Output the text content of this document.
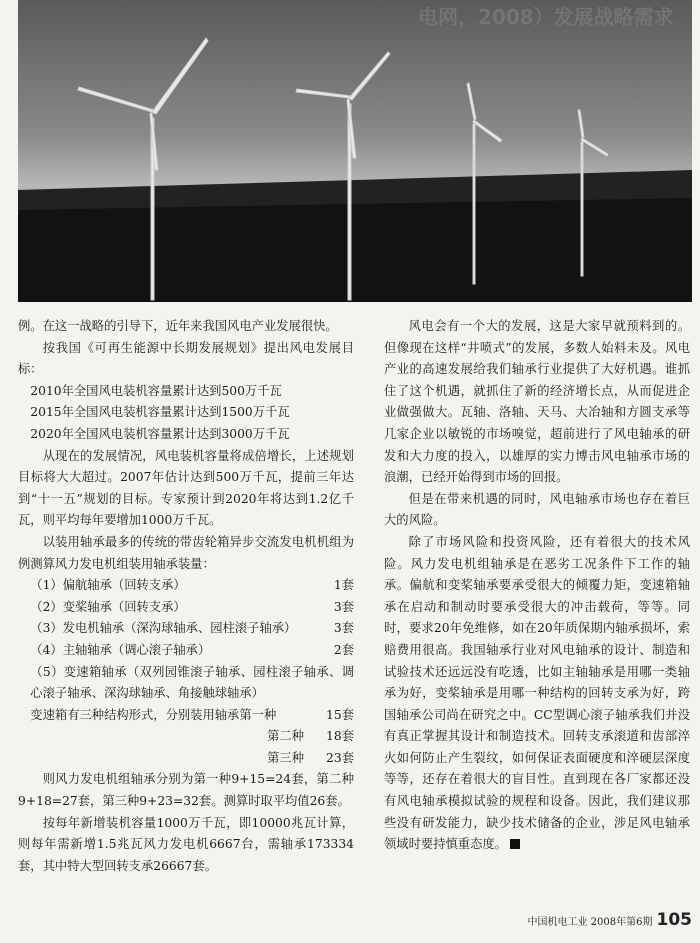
电网，2008）发展战略需求

例。在这一战略的引导下，近年来我国风电产业发展很快。

按我国《可再生能源中长期发展规划》提出风电发展目标：

2010年全国风电装机容量累计达到500万千瓦

2015年全国风电装机容量累计达到1500万千瓦

2020年全国风电装机容量累计达到3000万千瓦

从现在的发展情况，风电装机容量将成倍增长，上述规划目标将大大超过。2007年估计达到500万千瓦，提前三年达到“十一五”规划的目标。专家预计到2020年将达到1.2亿千瓦，则平均每年要增加1000万千瓦。

以装用轴承最多的传统的带齿轮箱异步交流发电机机组为例测算风力发电机组装用轴承装量：

（1）偏航轴承（回转支承）	1套
（2）变桨轴承（回转支承）	3套
（3）发电机轴承（深沟球轴承、园柱滚子轴承）	3套
（4）主轴轴承（调心滚子轴承）	2套

（5）变速箱轴承（双列园锥滚子轴承、园柱滚子轴承、调心滚子轴承、深沟球轴承、角接触球轴承）

变速箱有三种结构形式，分别装用轴承第一种	15套
第二种	18套
第三种	23套

则风力发电机组轴承分别为第一种9+15=24套，第二种9+18=27套，第三种9+23=32套。测算时取平均值26套。

按每年新增装机容量1000万千瓦，即10000兆瓦计算，则每年需新增1.5兆瓦风力发电机6667台，需轴承173334套，其中特大型回转支承26667套。

风电会有一个大的发展，这是大家早就预料到的。但像现在这样“井喷式”的发展，多数人始料未及。风电产业的高速发展给我们轴承行业提供了大好机遇。谁抓住了这个机遇，就抓住了新的经济增长点，从而促进企业做强做大。瓦轴、洛轴、天马、大冶轴和方圆支承等几家企业以敏锐的市场嗅觉，超前进行了风电轴承的研发和大力度的投入，以雄厚的实力博击风电轴承市场的浪潮，已经开始得到市场的回报。

但是在带来机遇的同时，风电轴承市场也存在着巨大的风险。

除了市场风险和投资风险，还有着很大的技术风险。风力发电机组轴承是在恶劣工况条件下工作的轴承。偏航和变桨轴承要承受很大的倾覆力矩，变速箱轴承在启动和制动时要承受很大的冲击载荷，等等。同时，要求20年免维修，如在20年质保期内轴承损坏，索赔费用很高。我国轴承行业对风电轴承的设计、制造和试验技术还远远没有吃透，比如主轴轴承是用哪一类轴承为好，变桨轴承是用哪一种结构的回转支承为好，跨国轴承公司尚在研究之中。CC型调心滚子轴承我们并没有真正掌握其设计和制造技术。回转支承滚道和齿部淬火如何防止产生裂纹，如何保证表面硬度和淬硬层深度等等，还存在着很大的盲目性。直到现在各厂家都还没有风电轴承模拟试验的规程和设备。因此，我们建议那些没有研发能力，缺少技术储备的企业，涉足风电轴承领域时要持慎重态度。

中国机电工业 2008年第6期 105
